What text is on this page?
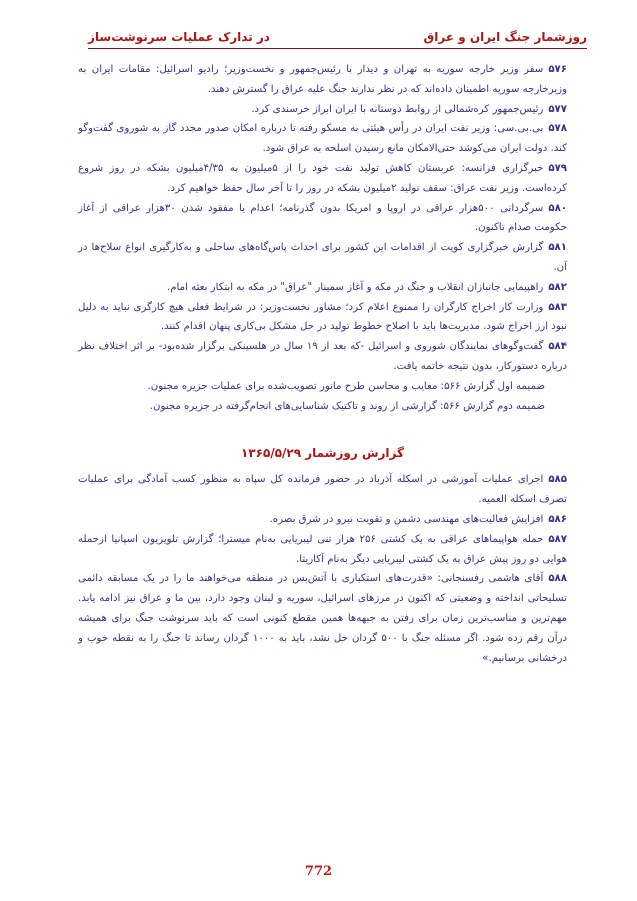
روزشمار جنگ ایران و عراق
در تدارک عملیات سرنوشت‌ساز

۵۷۶سفر وزیر خارجه سوریه به تهران و دیدار با رئیس‌جمهور و نخست‌وزیر؛ رادیو اسرائیل: مقامات ایران به وزیرخارجه سوریه اطمینان داده‌اند که در نظر ندارند جنگ علیه عراق را گسترش دهند.

۵۷۷رئیس‌جمهور کره‌شمالی از روابط دوستانه با ایران ابراز خرسندی کرد.

۵۷۸بی.بی.سی: وزیر نفت ایران در رأس هیئتی به مسکو رفته تا درباره امکان صدور مجدد گاز به شوروی گفت‌وگو کند. دولت ایران می‌کوشد حتی‌الامکان مانع رسیدن اسلحه به عراق شود.

۵۷۹خبرگزاری فرانسه: عربستان کاهش تولید نفت خود را از ۵میلیون به ۴/۳۵میلیون بشکه در روز شروع کرده‌است. وزیر نفت عراق: سقف تولید ۲میلیون بشکه در روز را تا آخر سال حفظ خواهیم کرد.

۵۸۰سرگردانی ۵۰۰هزار عراقی در اروپا و امریکا بدون گذرنامه؛ اعدام یا مفقود شدن ۳۰هزار عراقی از آغاز حکومت صدام تاکنون.

۵۸۱گزارش خبرگزاری کویت از اقدامات این کشور برای احداث پاس‌گاه‌های ساحلی و به‌کارگیری انواع سلاح‌ها در آن.

۵۸۲راهپیمایی جانبازان انقلاب و جنگ در مکه و آغاز سمینار "عراق" در مکه به ابتکار بعثه امام.

۵۸۳وزارت کار اخراج کارگران را ممنوع اعلام کرد؛ مشاور نخست‌وزیر: در شرایط فعلی هیچ کارگری نباید به دلیل نبود ارز اخراج شود. مدیریت‌ها باید با اصلاح خطوط تولید در حل مشکل بی‌کاری پنهان اقدام کنند.

۵۸۴گفت‌وگوهای نمایندگان شوروی و اسرائیل -که بعد از ۱۹ سال در هلسینکی برگزار شده‌بود- بر اثر اختلاف نظر درباره دستورکار، بدون نتیجه خاتمه یافت.

ضمیمه اول گزارش ۵۶۶: معایب و محاسن طرح مانور تصویب‌شده برای عملیات جزیره مجنون.

ضمیمه دوم گزارش ۵۶۶: گزارشی از روند و تاکتیک شناسایی‌های انجام‌گرفته در جزیره مجنون.

گزارش روزشمار ۱۳۶۵/۵/۲۹

۵۸۵اجرای عملیات آموزشی در اسکله آذرباد در حضور فرمانده کل سپاه به منظور کسب آمادگی برای عملیات تصرف اسکله العمیه.

۵۸۶افزایش فعالیت‌های مهندسی دشمن و تقویت نیرو در شرق بصره.

۵۸۷حمله هواپیماهای عراقی به یک کشتی ۲۵۶ هزار تنی لیبریایی به‌نام میسترا؛ گزارش تلویزیون اسپانیا ازحمله هوایی دو روز پیش عراق به یک کشتی لیبریایی دیگر به‌نام آکاریتا.

۵۸۸آقای هاشمی رفسنجانی: «قدرت‌های استکباری با آتش‌بس در منطقه می‌خواهند ما را در یک مسابقه دائمی تسلیحاتی انداخته و وضعیتی که اکنون در مرزهای اسرائیل، سوریه و لبنان وجود دارد، بین ما و عراق نیز ادامه یابد. مهم‌ترین و مناسب‌ترین زمان برای رفتن به جبهه‌ها همین مقطع کنونی است که باید سرنوشت جنگ برای همیشه درآن رقم زده شود. اگر مسئله جنگ با ۵۰۰ گردان حل نشد، باید به ۱۰۰۰ گردان رساند تا جنگ را به نقطه خوب و درخشانی برسانیم.»

772
